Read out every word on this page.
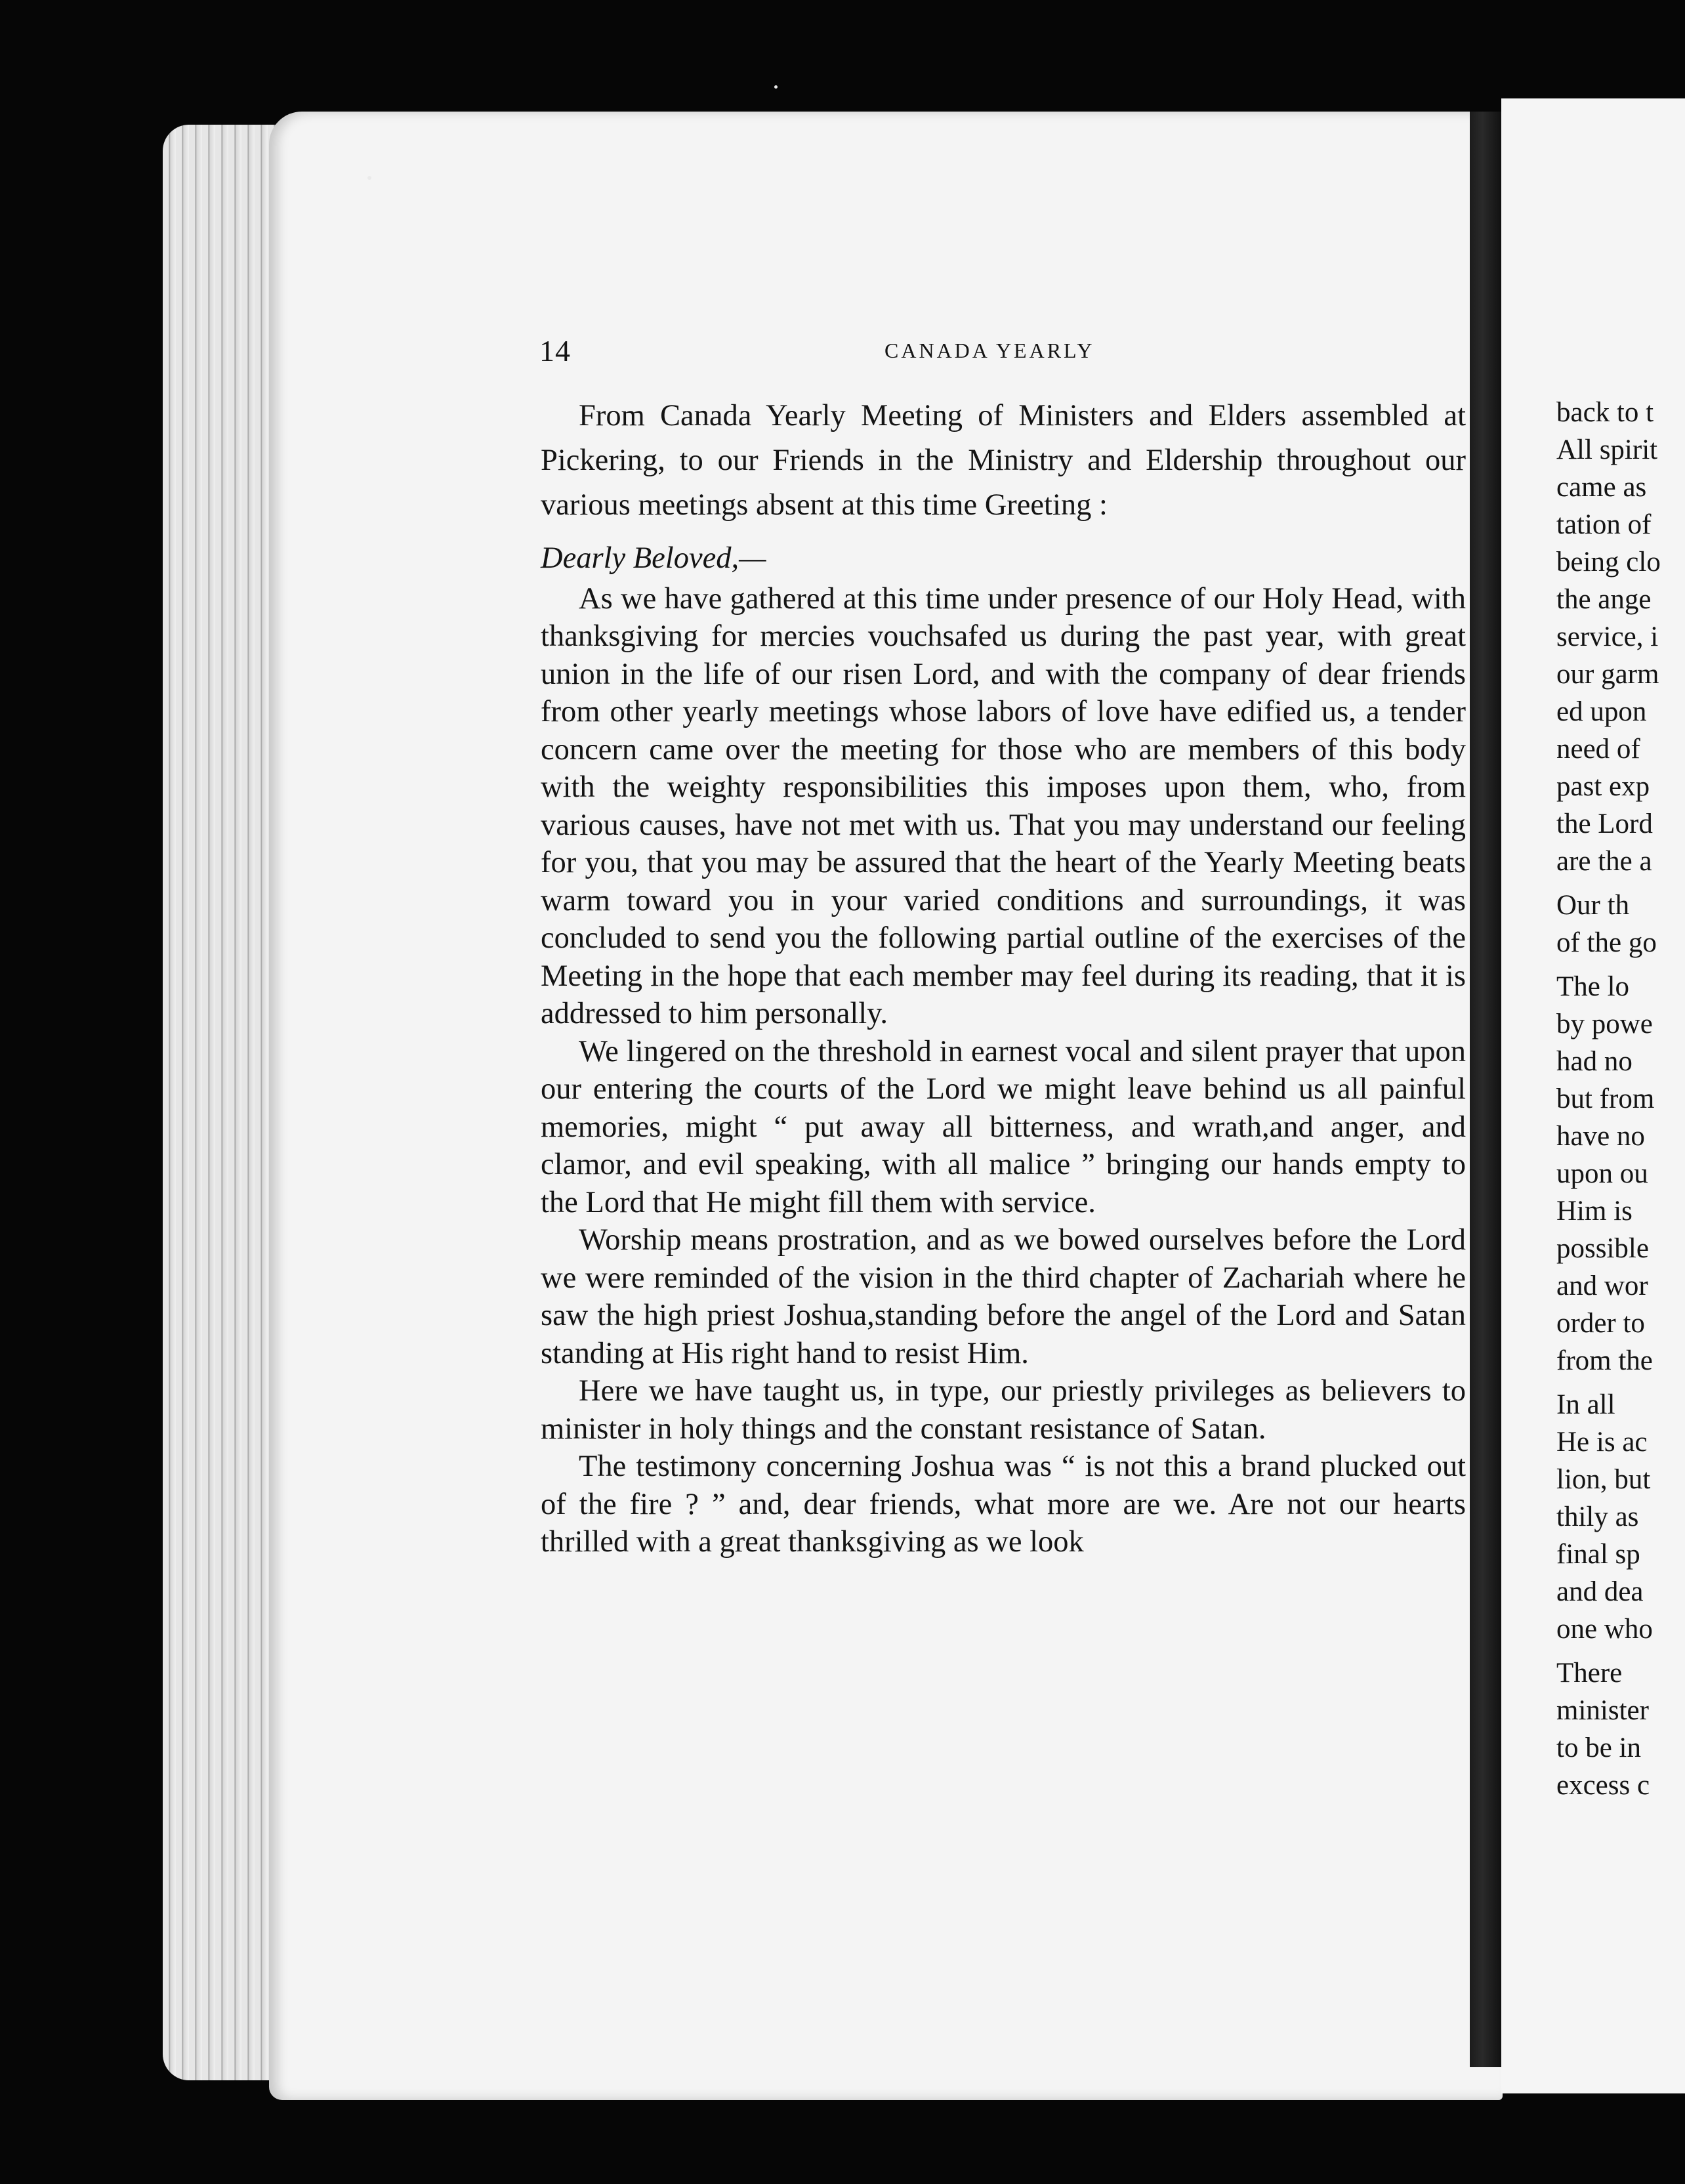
14	CANADA YEARLY

From Canada Yearly Meeting of Ministers and Elders assembled at Pickering, to our Friends in the Ministry and Eldership throughout our various meetings absent at this time Greeting :

Dearly Beloved,—

As we have gathered at this time under presence of our Holy Head, with thanksgiving for mercies vouchsafed us during the past year, with great union in the life of our risen Lord, and with the company of dear friends from other yearly meetings whose labors of love have edified us, a tender concern came over the meeting for those who are members of this body with the weighty responsibilities this imposes upon them, who, from various causes, have not met with us. That you may understand our feeling for you, that you may be assured that the heart of the Yearly Meeting beats warm toward you in your varied conditions and surroundings, it was concluded to send you the following partial outline of the exercises of the Meeting in the hope that each member may feel during its reading, that it is addressed to him personally.

We lingered on the threshold in earnest vocal and silent prayer that upon our entering the courts of the Lord we might leave behind us all painful memories, might “ put away all bitterness, and wrath,and anger, and clamor, and evil speaking, with all malice ” bringing our hands empty to the Lord that He might fill them with service.

Worship means prostration, and as we bowed ourselves before the Lord we were reminded of the vision in the third chapter of Zachariah where he saw the high priest Joshua,standing before the angel of the Lord and Satan standing at His right hand to resist Him.

Here we have taught us, in type, our priestly privileges as believers to minister in holy things and the constant resistance of Satan.

The testimony concerning Joshua was “ is not this a brand plucked out of the fire ? ” and, dear friends, what more are we. Are not our hearts thrilled with a great thanksgiving as we look

back to t
All spirit
came as
tation of
being clo
the ange
service, i
our garm
ed upon
need of
past exp
the Lord
are the a
Our th
of the go
The lo
by powe
had no
but from
have no
upon ou
Him is
possible
and wor
order to
from the
In all
He is ac
lion, but
thily as
final sp
and dea
one who
There
minister
to be in
excess c
